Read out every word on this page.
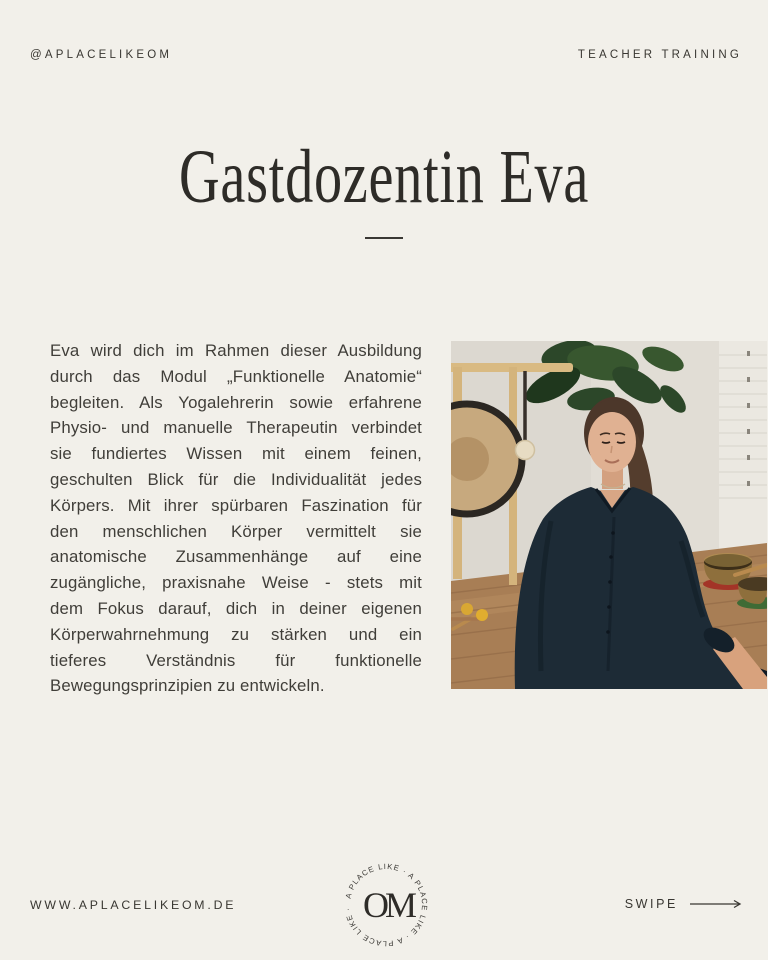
@APLACELIKEOM	TEACHER TRAINING
Gastdozentin Eva
Eva wird dich im Rahmen dieser Ausbildung
durch das Modul „Funktionelle Anatomie“
begleiten. Als Yogalehrerin sowie erfahrene
Physio- und manuelle Therapeutin verbindet
sie fundiertes Wissen mit einem feinen,
geschulten Blick für die Individualität jedes
Körpers. Mit ihrer spürbaren Faszination für
den menschlichen Körper vermittelt sie
anatomische Zusammenhänge auf eine
zugängliche, praxisnahe Weise - stets mit
dem Fokus darauf, dich in deiner eigenen
Körperwahrnehmung zu stärken und ein
tieferes Verständnis für funktionelle
Bewegungsprinzipien zu entwickeln.
WWW.APLACELIKEOM.DE
A PLACE LIKE · A PLACE LIKE · A PLACE LIKE · OM	SWIPE
